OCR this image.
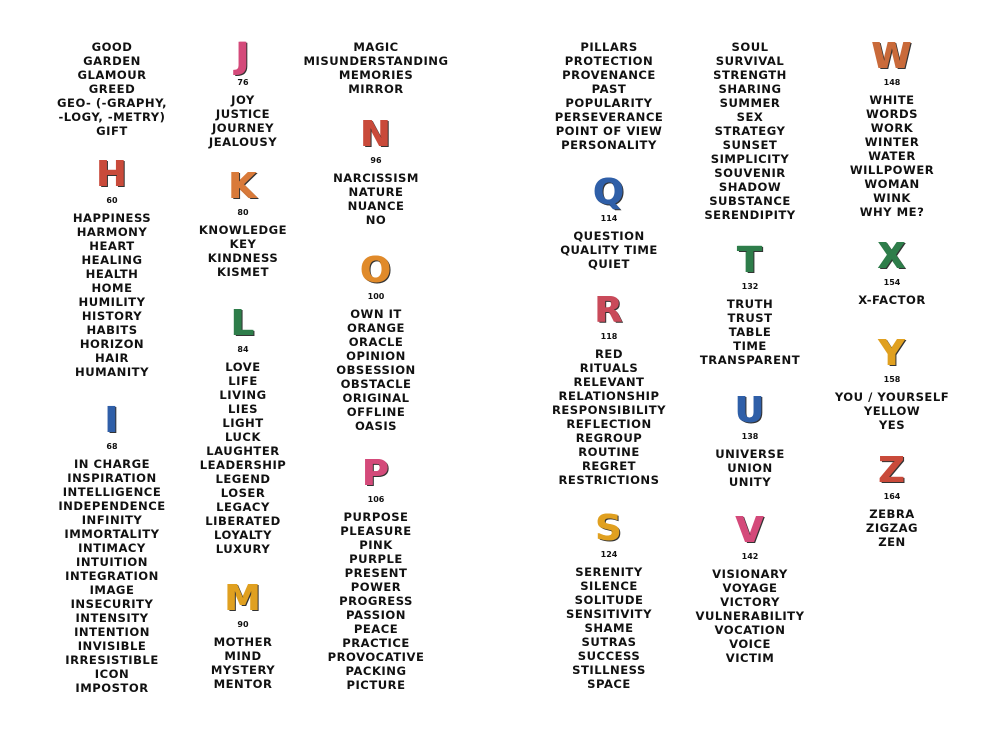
GOOD
GARDEN
GLAMOUR
GREED
GEO- (-GRAPHY,
-LOGY, -METRY)
GIFT
H
60
HAPPINESS
HARMONY
HEART
HEALING
HEALTH
HOME
HUMILITY
HISTORY
HABITS
HORIZON
HAIR
HUMANITY
I
68
IN CHARGE
INSPIRATION
INTELLIGENCE
INDEPENDENCE
INFINITY
IMMORTALITY
INTIMACY
INTUITION
INTEGRATION
IMAGE
INSECURITY
INTENSITY
INTENTION
INVISIBLE
IRRESISTIBLE
ICON
IMPOSTOR
J
76
JOY
JUSTICE
JOURNEY
JEALOUSY
K
80
KNOWLEDGE
KEY
KINDNESS
KISMET
L
84
LOVE
LIFE
LIVING
LIES
LIGHT
LUCK
LAUGHTER
LEADERSHIP
LEGEND
LOSER
LEGACY
LIBERATED
LOYALTY
LUXURY
M
90
MOTHER
MIND
MYSTERY
MENTOR
MAGIC
MISUNDERSTANDING
MEMORIES
MIRROR
N
96
NARCISSISM
NATURE
NUANCE
NO
O
100
OWN IT
ORANGE
ORACLE
OPINION
OBSESSION
OBSTACLE
ORIGINAL
OFFLINE
OASIS
P
106
PURPOSE
PLEASURE
PINK
PURPLE
PRESENT
POWER
PROGRESS
PASSION
PEACE
PRACTICE
PROVOCATIVE
PACKING
PICTURE
PILLARS
PROTECTION
PROVENANCE
PAST
POPULARITY
PERSEVERANCE
POINT OF VIEW
PERSONALITY
Q
114
QUESTION
QUALITY TIME
QUIET
R
118
RED
RITUALS
RELEVANT
RELATIONSHIP
RESPONSIBILITY
REFLECTION
REGROUP
ROUTINE
REGRET
RESTRICTIONS
S
124
SERENITY
SILENCE
SOLITUDE
SENSITIVITY
SHAME
SUTRAS
SUCCESS
STILLNESS
SPACE
SOUL
SURVIVAL
STRENGTH
SHARING
SUMMER
SEX
STRATEGY
SUNSET
SIMPLICITY
SOUVENIR
SHADOW
SUBSTANCE
SERENDIPITY
T
132
TRUTH
TRUST
TABLE
TIME
TRANSPARENT
U
138
UNIVERSE
UNION
UNITY
V
142
VISIONARY
VOYAGE
VICTORY
VULNERABILITY
VOCATION
VOICE
VICTIM
W
148
WHITE
WORDS
WORK
WINTER
WATER
WILLPOWER
WOMAN
WINK
WHY ME?
X
154
X-FACTOR
Y
158
YOU / YOURSELF
YELLOW
YES
Z
164
ZEBRA
ZIGZAG
ZEN
